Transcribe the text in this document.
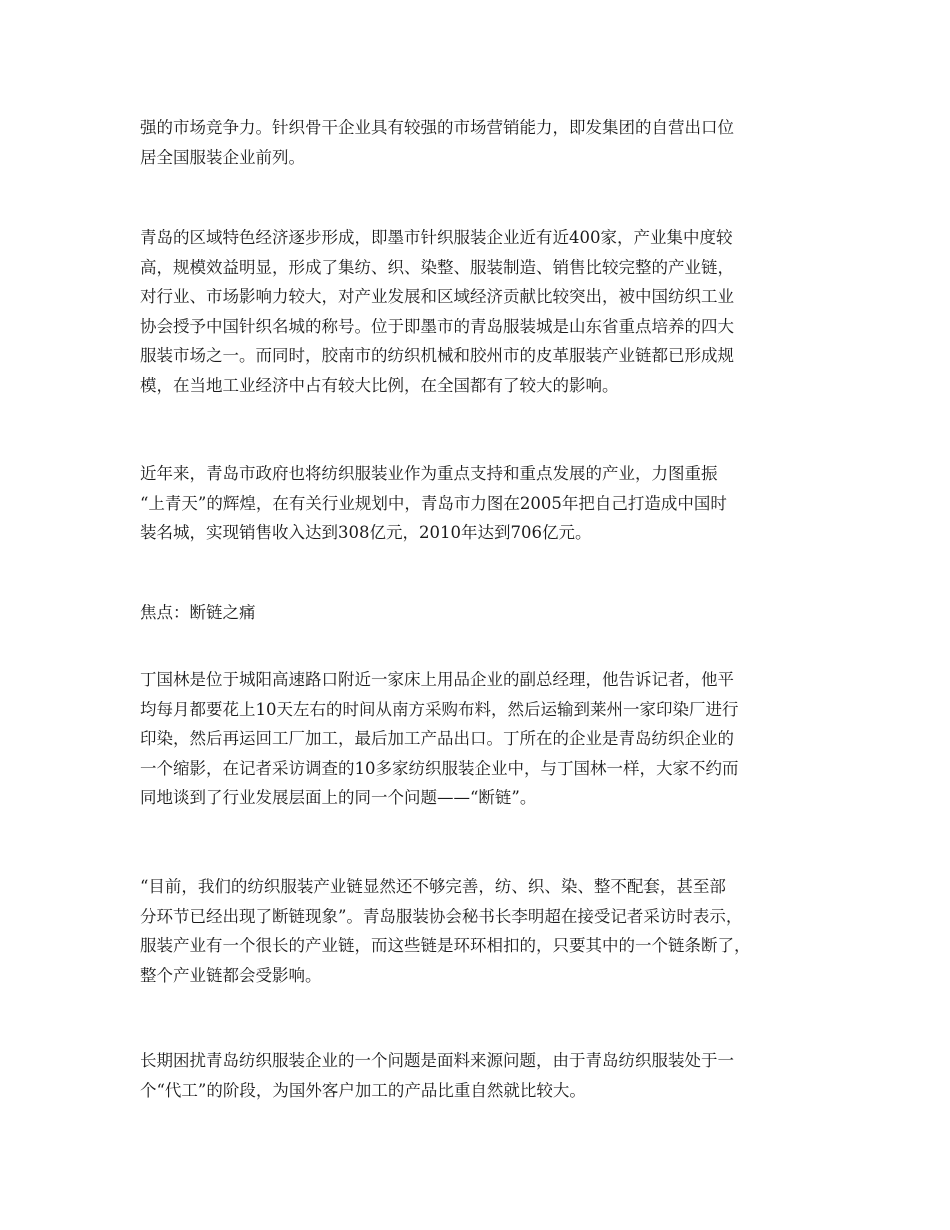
强的市场竞争力。针织骨干企业具有较强的市场营销能力，即发集团的自营出口位
居全国服装企业前列。

青岛的区域特色经济逐步形成，即墨市针织服装企业近有近400家，产业集中度较
高，规模效益明显，形成了集纺、织、染整、服装制造、销售比较完整的产业链，
对行业、市场影响力较大，对产业发展和区域经济贡献比较突出，被中国纺织工业
协会授予中国针织名城的称号。位于即墨市的青岛服装城是山东省重点培养的四大
服装市场之一。而同时，胶南市的纺织机械和胶州市的皮革服装产业链都已形成规
模，在当地工业经济中占有较大比例，在全国都有了较大的影响。

近年来，青岛市政府也将纺织服装业作为重点支持和重点发展的产业，力图重振
“上青天”的辉煌，在有关行业规划中，青岛市力图在2005年把自己打造成中国时
装名城，实现销售收入达到308亿元，2010年达到706亿元。

焦点：断链之痛

丁国林是位于城阳高速路口附近一家床上用品企业的副总经理，他告诉记者，他平
均每月都要花上10天左右的时间从南方采购布料，然后运输到莱州一家印染厂进行
印染，然后再运回工厂加工，最后加工产品出口。丁所在的企业是青岛纺织企业的
一个缩影，在记者采访调查的10多家纺织服装企业中，与丁国林一样，大家不约而
同地谈到了行业发展层面上的同一个问题——“断链”。

“目前，我们的纺织服装产业链显然还不够完善，纺、织、染、整不配套，甚至部
分环节已经出现了断链现象”。青岛服装协会秘书长李明超在接受记者采访时表示，
服装产业有一个很长的产业链，而这些链是环环相扣的，只要其中的一个链条断了，
整个产业链都会受影响。

长期困扰青岛纺织服装企业的一个问题是面料来源问题，由于青岛纺织服装处于一
个“代工”的阶段，为国外客户加工的产品比重自然就比较大。
